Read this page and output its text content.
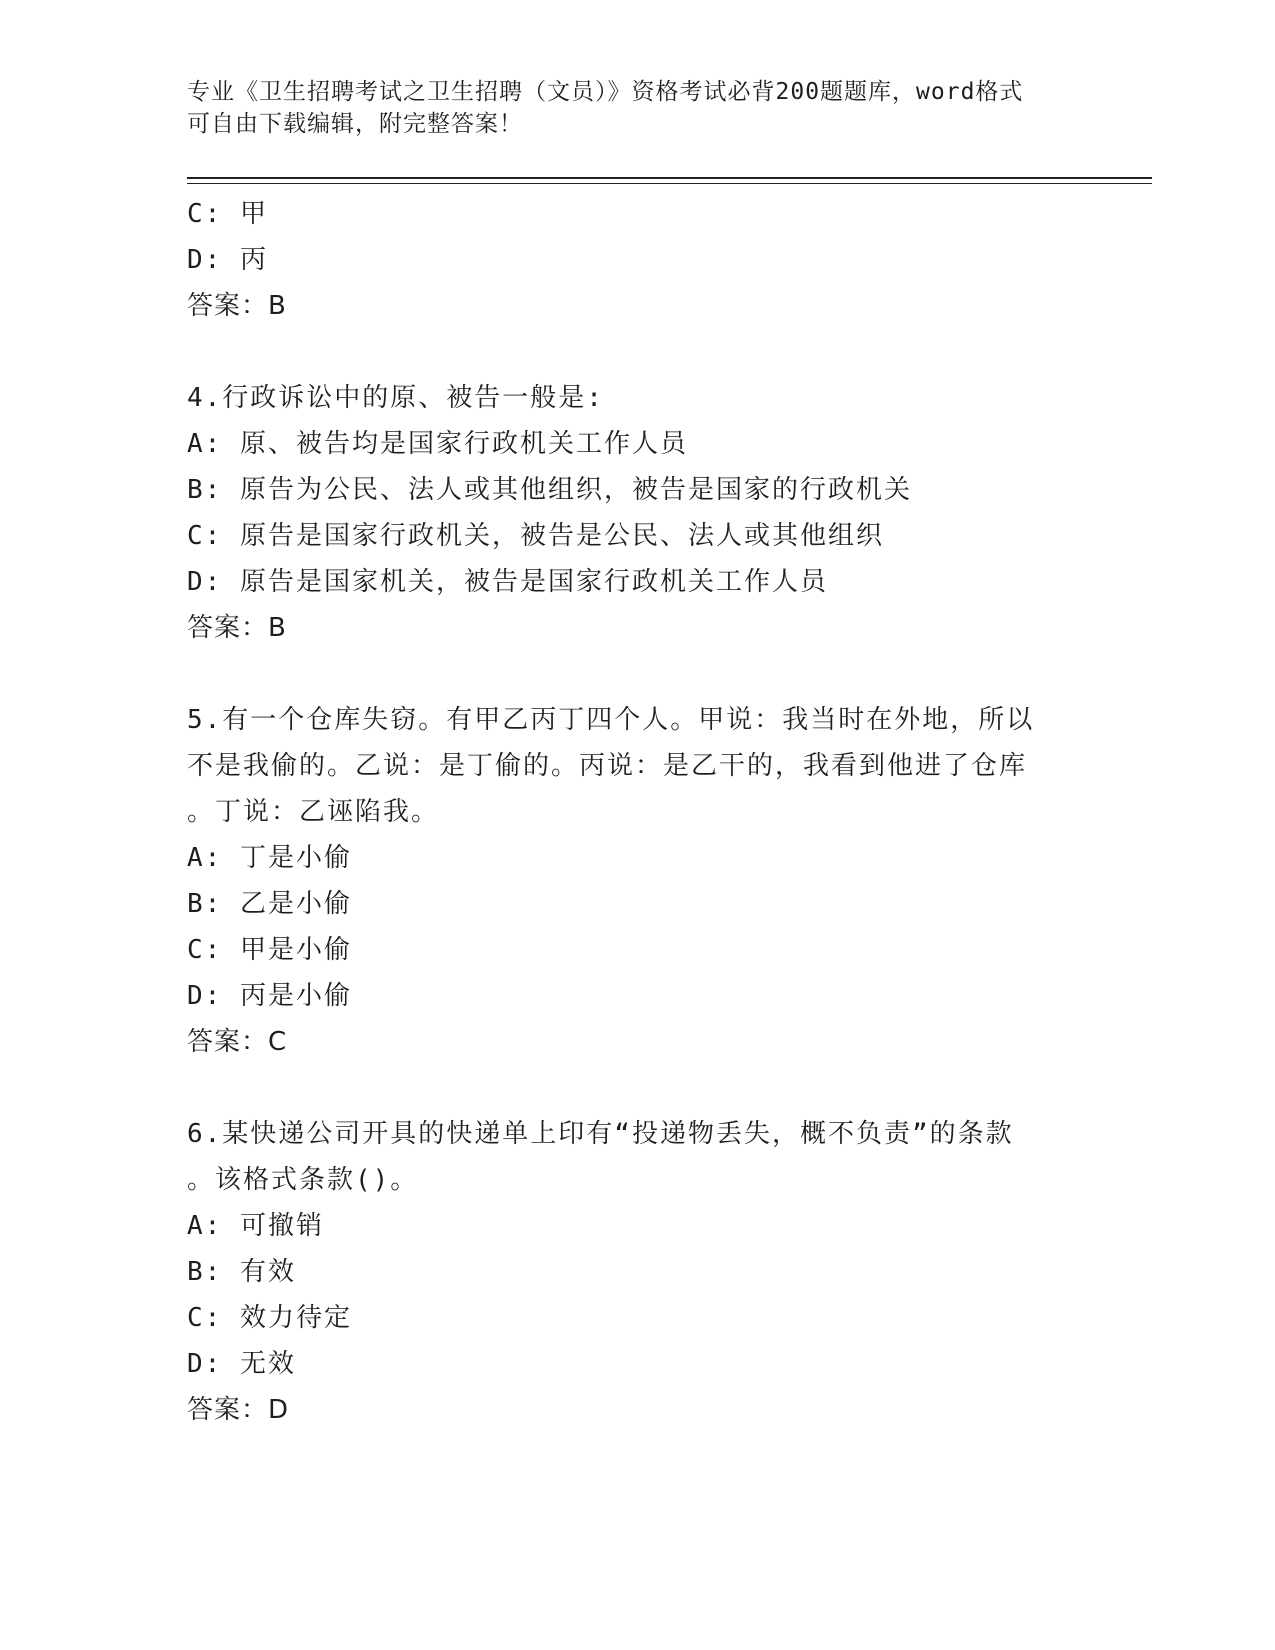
专业《卫生招聘考试之卫生招聘（文员）》资格考试必背200题题库，word格式
可自由下载编辑，附完整答案！
C: 甲
D: 丙
答案：B
4.行政诉讼中的原、被告一般是:
A: 原、被告均是国家行政机关工作人员
B: 原告为公民、法人或其他组织，被告是国家的行政机关
C: 原告是国家行政机关，被告是公民、法人或其他组织
D: 原告是国家机关，被告是国家行政机关工作人员
答案：B
5.有一个仓库失窃。有甲乙丙丁四个人。甲说：我当时在外地，所以
不是我偷的。乙说：是丁偷的。丙说：是乙干的，我看到他进了仓库
。丁说：乙诬陷我。
A: 丁是小偷
B: 乙是小偷
C: 甲是小偷
D: 丙是小偷
答案：C
6.某快递公司开具的快递单上印有“投递物丢失，概不负责”的条款
。该格式条款()。
A: 可撤销
B: 有效
C: 效力待定
D: 无效
答案：D
